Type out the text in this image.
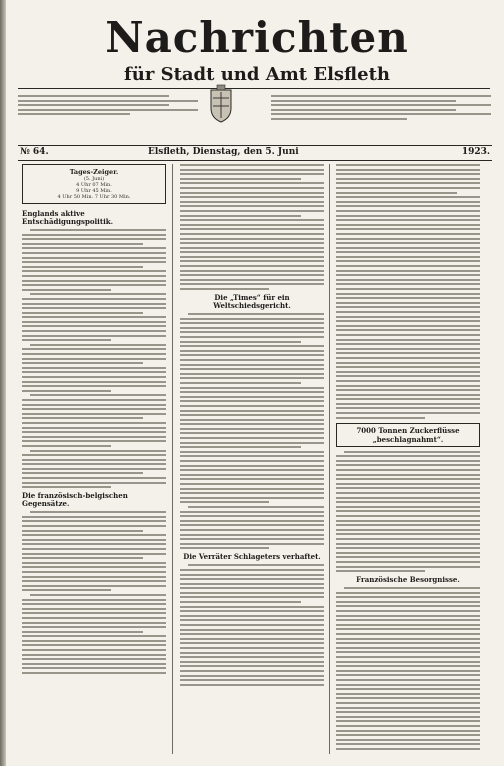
Nachrichten
für Stadt und Amt Elsfleth
№ 64.	Elsfleth, Dienstag, den 5. Juni	1923.
Tages-Zeiger.
(5. Juni)
4 Uhr 07 Min.
9 Uhr 45 Min.
4 Uhr 50 Min. 7 Uhr 30 Min.
Englands aktive Entschädigungspolitik.
Die französisch-belgischen Gegensätze.
Die „Times“ für ein Weltschiedsgericht.
Die Verräter Schlageters verhaftet.
7000 Tonnen Zuckerflüsse „beschlagnahmt“.
Französische Besorgnisse.
